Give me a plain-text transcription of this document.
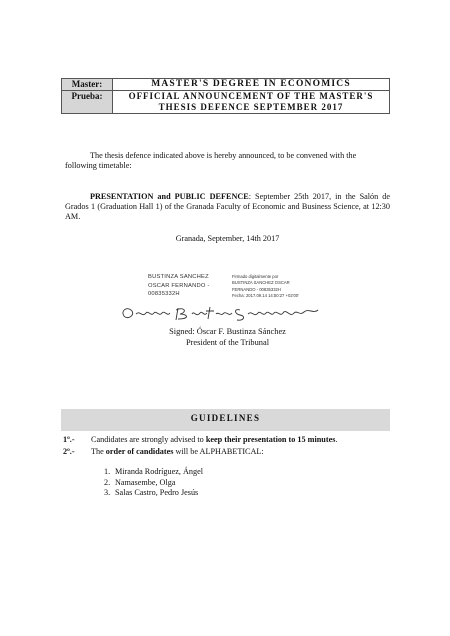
Master:	MASTER'S DEGREE IN ECONOMICS
Prueba:	OFFICIAL ANNOUNCEMENT OF THE MASTER'S
THESIS DEFENCE SEPTEMBER 2017
The thesis defence indicated above is hereby announced, to be convened with the following timetable:
PRESENTATION and PUBLIC DEFENCE: September 25th 2017, in the Salón de Grados 1 (Graduation Hall 1) of the Granada Faculty of Economic and Business Science, at 12:30 AM.
Granada, September, 14th 2017
BUSTINZA SANCHEZ
OSCAR FERNANDO -
00835332H
Firmado digitalmente por
BUSTINZA SANCHEZ OSCAR
FERNANDO - 00835332H
Fecha: 2017.09.14 14:50:27 +02'00'
Signed: Óscar F. Bustinza Sánchez
President of the Tribunal
GUIDELINES
1º.- Candidates are strongly advised to keep their presentation to 15 minutes.
2º.- The order of candidates will be ALPHABETICAL:
1. Miranda Rodríguez, Ángel
2. Namasembe, Olga
3. Salas Castro, Pedro Jesús
